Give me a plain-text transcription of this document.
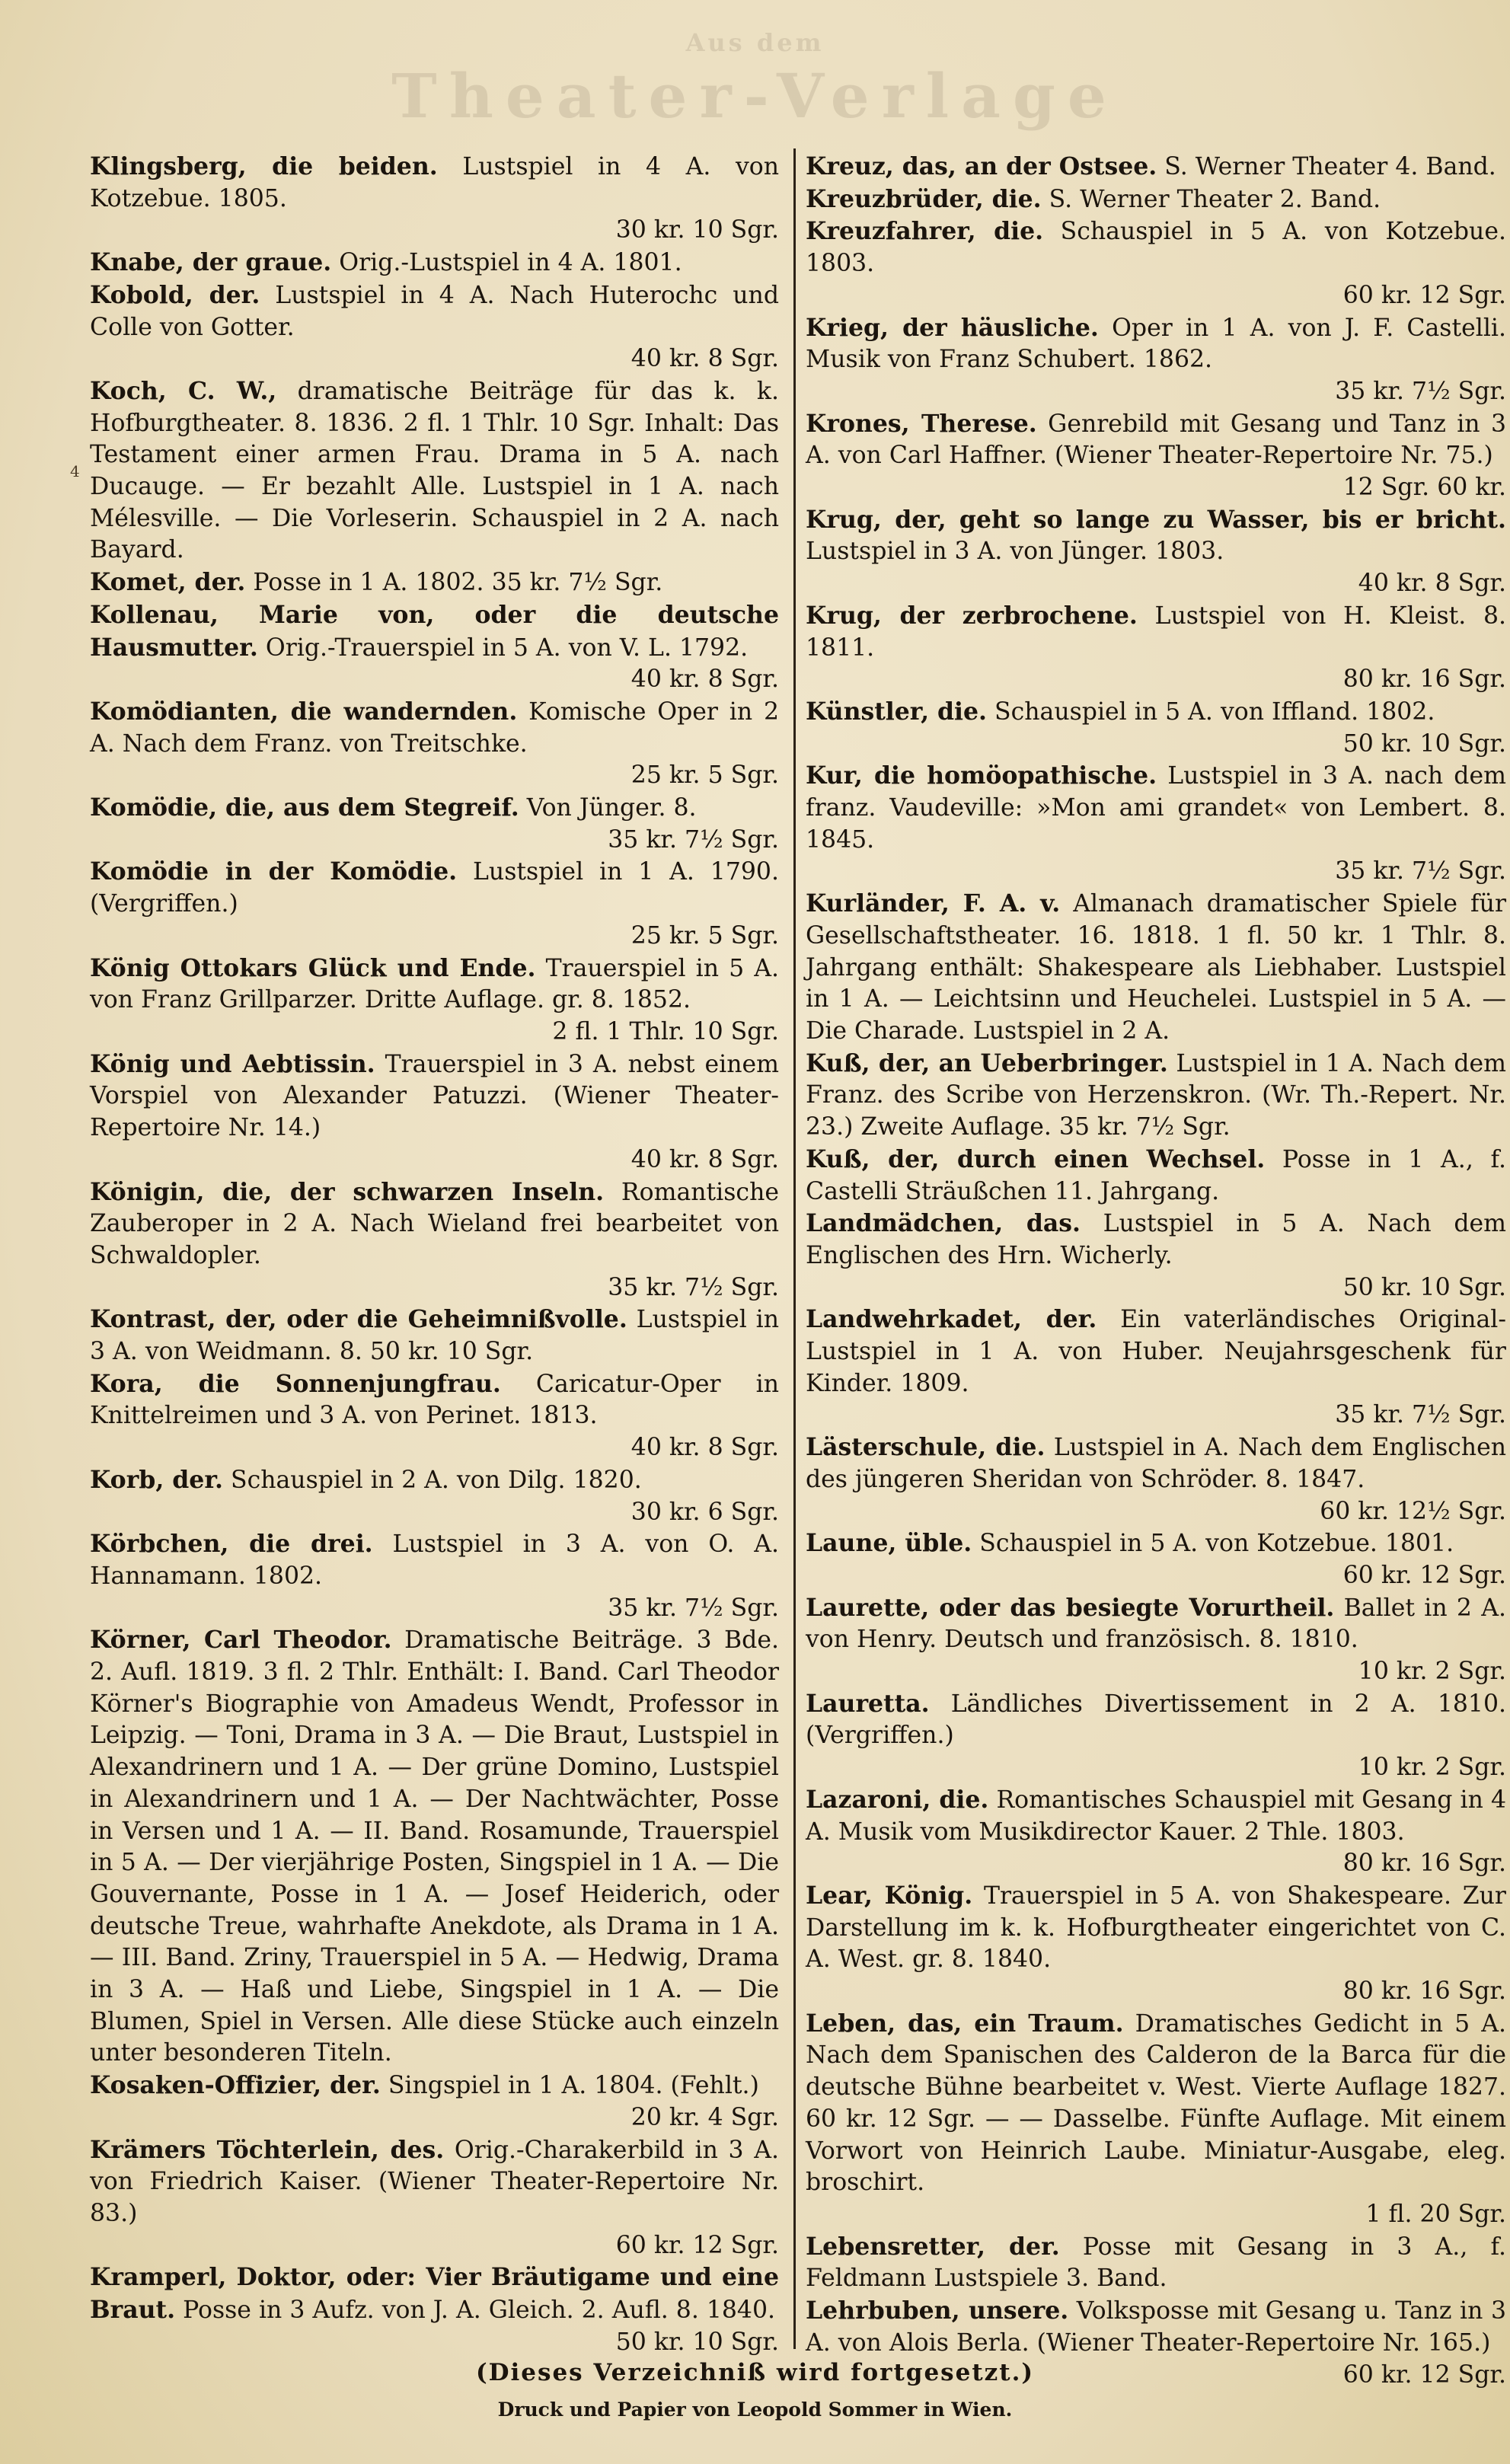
Aus dem
Theater-Verlage
4
Klingsberg, die beiden. Lustspiel in 4 A. von Kotzebue. 1805.
30 kr. 10 Sgr.
Knabe, der graue. Orig.-Lustspiel in 4 A. 1801.
Kobold, der. Lustspiel in 4 A. Nach Huterochc und Colle von Gotter.
40 kr. 8 Sgr.
Koch, C. W., dramatische Beiträge für das k. k. Hofburgtheater. 8. 1836. 2 fl. 1 Thlr. 10 Sgr. Inhalt: Das Testament einer armen Frau. Drama in 5 A. nach Ducauge. — Er bezahlt Alle. Lustspiel in 1 A. nach Mélesville. — Die Vorleserin. Schauspiel in 2 A. nach Bayard.
Komet, der. Posse in 1 A. 1802. 35 kr. 7½ Sgr.
Kollenau, Marie von, oder die deutsche Hausmutter. Orig.-Trauerspiel in 5 A. von V. L. 1792.
40 kr. 8 Sgr.
Komödianten, die wandernden. Komische Oper in 2 A. Nach dem Franz. von Treitschke.
25 kr. 5 Sgr.
Komödie, die, aus dem Stegreif. Von Jünger. 8.
35 kr. 7½ Sgr.
Komödie in der Komödie. Lustspiel in 1 A. 1790. (Vergriffen.)
25 kr. 5 Sgr.
König Ottokars Glück und Ende. Trauerspiel in 5 A. von Franz Grillparzer. Dritte Auflage. gr. 8. 1852.
2 fl. 1 Thlr. 10 Sgr.
König und Aebtissin. Trauerspiel in 3 A. nebst einem Vorspiel von Alexander Patuzzi. (Wiener Theater-Repertoire Nr. 14.)
40 kr. 8 Sgr.
Königin, die, der schwarzen Inseln. Romantische Zauberoper in 2 A. Nach Wieland frei bearbeitet von Schwaldopler.
35 kr. 7½ Sgr.
Kontrast, der, oder die Geheimnißvolle. Lustspiel in 3 A. von Weidmann. 8. 50 kr. 10 Sgr.
Kora, die Sonnenjungfrau. Caricatur-Oper in Knittelreimen und 3 A. von Perinet. 1813.
40 kr. 8 Sgr.
Korb, der. Schauspiel in 2 A. von Dilg. 1820.
30 kr. 6 Sgr.
Körbchen, die drei. Lustspiel in 3 A. von O. A. Hannamann. 1802.
35 kr. 7½ Sgr.
Körner, Carl Theodor. Dramatische Beiträge. 3 Bde. 2. Aufl. 1819. 3 fl. 2 Thlr. Enthält: I. Band. Carl Theodor Körner's Biographie von Amadeus Wendt, Professor in Leipzig. — Toni, Drama in 3 A. — Die Braut, Lustspiel in Alexandrinern und 1 A. — Der grüne Domino, Lustspiel in Alexandrinern und 1 A. — Der Nachtwächter, Posse in Versen und 1 A. — II. Band. Rosamunde, Trauerspiel in 5 A. — Der vierjährige Posten, Singspiel in 1 A. — Die Gouvernante, Posse in 1 A. — Josef Heiderich, oder deutsche Treue, wahrhafte Anekdote, als Drama in 1 A. — III. Band. Zriny, Trauerspiel in 5 A. — Hedwig, Drama in 3 A. — Haß und Liebe, Singspiel in 1 A. — Die Blumen, Spiel in Versen. Alle diese Stücke auch einzeln unter besonderen Titeln.
Kosaken-Offizier, der. Singspiel in 1 A. 1804. (Fehlt.)
20 kr. 4 Sgr.
Krämers Töchterlein, des. Orig.-Charakerbild in 3 A. von Friedrich Kaiser. (Wiener Theater-Repertoire Nr. 83.)
60 kr. 12 Sgr.
Kramperl, Doktor, oder: Vier Bräutigame und eine Braut. Posse in 3 Aufz. von J. A. Gleich. 2. Aufl. 8. 1840.
50 kr. 10 Sgr.
Kreuz, das, an der Ostsee. S. Werner Theater 4. Band.
Kreuzbrüder, die. S. Werner Theater 2. Band.
Kreuzfahrer, die. Schauspiel in 5 A. von Kotzebue. 1803.
60 kr. 12 Sgr.
Krieg, der häusliche. Oper in 1 A. von J. F. Castelli. Musik von Franz Schubert. 1862.
35 kr. 7½ Sgr.
Krones, Therese. Genrebild mit Gesang und Tanz in 3 A. von Carl Haffner. (Wiener Theater-Repertoire Nr. 75.)
12 Sgr. 60 kr.
Krug, der, geht so lange zu Wasser, bis er bricht. Lustspiel in 3 A. von Jünger. 1803.
40 kr. 8 Sgr.
Krug, der zerbrochene. Lustspiel von H. Kleist. 8. 1811.
80 kr. 16 Sgr.
Künstler, die. Schauspiel in 5 A. von Iffland. 1802.
50 kr. 10 Sgr.
Kur, die homöopathische. Lustspiel in 3 A. nach dem franz. Vaudeville: »Mon ami grandet« von Lembert. 8. 1845.
35 kr. 7½ Sgr.
Kurländer, F. A. v. Almanach dramatischer Spiele für Gesellschaftstheater. 16. 1818. 1 fl. 50 kr. 1 Thlr. 8. Jahrgang enthält: Shakespeare als Liebhaber. Lustspiel in 1 A. — Leichtsinn und Heuchelei. Lustspiel in 5 A. — Die Charade. Lustspiel in 2 A.
Kuß, der, an Ueberbringer. Lustspiel in 1 A. Nach dem Franz. des Scribe von Herzenskron. (Wr. Th.-Repert. Nr. 23.) Zweite Auflage. 35 kr. 7½ Sgr.
Kuß, der, durch einen Wechsel. Posse in 1 A., f. Castelli Sträußchen 11. Jahrgang.
Landmädchen, das. Lustspiel in 5 A. Nach dem Englischen des Hrn. Wicherly.
50 kr. 10 Sgr.
Landwehrkadet, der. Ein vaterländisches Original-Lustspiel in 1 A. von Huber. Neujahrsgeschenk für Kinder. 1809.
35 kr. 7½ Sgr.
Lästerschule, die. Lustspiel in A. Nach dem Englischen des jüngeren Sheridan von Schröder. 8. 1847.
60 kr. 12½ Sgr.
Laune, üble. Schauspiel in 5 A. von Kotzebue. 1801.
60 kr. 12 Sgr.
Laurette, oder das besiegte Vorurtheil. Ballet in 2 A. von Henry. Deutsch und französisch. 8. 1810.
10 kr. 2 Sgr.
Lauretta. Ländliches Divertissement in 2 A. 1810. (Vergriffen.)
10 kr. 2 Sgr.
Lazaroni, die. Romantisches Schauspiel mit Gesang in 4 A. Musik vom Musikdirector Kauer. 2 Thle. 1803.
80 kr. 16 Sgr.
Lear, König. Trauerspiel in 5 A. von Shakespeare. Zur Darstellung im k. k. Hofburgtheater eingerichtet von C. A. West. gr. 8. 1840.
80 kr. 16 Sgr.
Leben, das, ein Traum. Dramatisches Gedicht in 5 A. Nach dem Spanischen des Calderon de la Barca für die deutsche Bühne bearbeitet v. West. Vierte Auflage 1827. 60 kr. 12 Sgr. — — Dasselbe. Fünfte Auflage. Mit einem Vorwort von Heinrich Laube. Miniatur-Ausgabe, eleg. broschirt.
1 fl. 20 Sgr.
Lebensretter, der. Posse mit Gesang in 3 A., f. Feldmann Lustspiele 3. Band.
Lehrbuben, unsere. Volksposse mit Gesang u. Tanz in 3 A. von Alois Berla. (Wiener Theater-Repertoire Nr. 165.)
60 kr. 12 Sgr.
(Dieses Verzeichniß wird fortgesetzt.)
Druck und Papier von Leopold Sommer in Wien.
